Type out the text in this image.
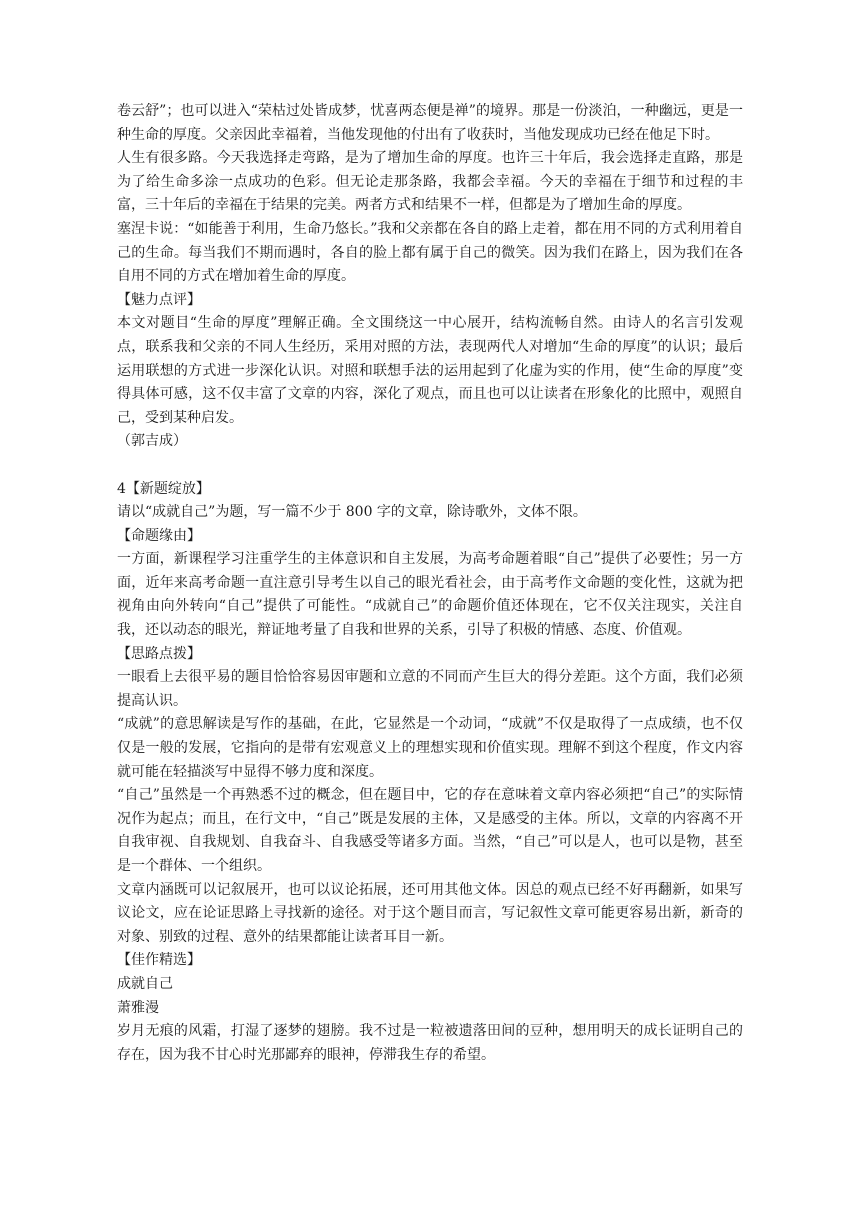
卷云舒”；也可以进入“荣枯过处皆成梦，忧喜两态便是禅”的境界。那是一份淡泊，一种幽远，更是一种生命的厚度。父亲因此幸福着，当他发现他的付出有了收获时，当他发现成功已经在他足下时。

人生有很多路。今天我选择走弯路，是为了增加生命的厚度。也许三十年后，我会选择走直路，那是为了给生命多涂一点成功的色彩。但无论走那条路，我都会幸福。今天的幸福在于细节和过程的丰富，三十年后的幸福在于结果的完美。两者方式和结果不一样，但都是为了增加生命的厚度。

塞涅卡说：“如能善于利用，生命乃悠长。”我和父亲都在各自的路上走着，都在用不同的方式利用着自己的生命。每当我们不期而遇时，各自的脸上都有属于自己的微笑。因为我们在路上，因为我们在各自用不同的方式在增加着生命的厚度。

【魅力点评】

本文对题目“生命的厚度”理解正确。全文围绕这一中心展开，结构流畅自然。由诗人的名言引发观点，联系我和父亲的不同人生经历，采用对照的方法，表现两代人对增加“生命的厚度”的认识；最后运用联想的方式进一步深化认识。对照和联想手法的运用起到了化虚为实的作用，使“生命的厚度”变得具体可感，这不仅丰富了文章的内容，深化了观点，而且也可以让读者在形象化的比照中，观照自己，受到某种启发。

（郭吉成）

4【新题绽放】

请以“成就自己”为题，写一篇不少于 800 字的文章，除诗歌外，文体不限。

【命题缘由】

一方面，新课程学习注重学生的主体意识和自主发展，为高考命题着眼“自己”提供了必要性；另一方面，近年来高考命题一直注意引导考生以自己的眼光看社会，由于高考作文命题的变化性，这就为把视角由向外转向“自己”提供了可能性。“成就自己”的命题价值还体现在，它不仅关注现实，关注自我，还以动态的眼光，辩证地考量了自我和世界的关系，引导了积极的情感、态度、价值观。

【思路点拨】

一眼看上去很平易的题目恰恰容易因审题和立意的不同而产生巨大的得分差距。这个方面，我们必须提高认识。

“成就”的意思解读是写作的基础，在此，它显然是一个动词，“成就”不仅是取得了一点成绩，也不仅仅是一般的发展，它指向的是带有宏观意义上的理想实现和价值实现。理解不到这个程度，作文内容就可能在轻描淡写中显得不够力度和深度。

“自己”虽然是一个再熟悉不过的概念，但在题目中，它的存在意味着文章内容必须把“自己”的实际情况作为起点；而且，在行文中，“自己”既是发展的主体，又是感受的主体。所以，文章的内容离不开自我审视、自我规划、自我奋斗、自我感受等诸多方面。当然，“自己”可以是人，也可以是物，甚至是一个群体、一个组织。

文章内涵既可以记叙展开，也可以议论拓展，还可用其他文体。因总的观点已经不好再翻新，如果写议论文，应在论证思路上寻找新的途径。对于这个题目而言，写记叙性文章可能更容易出新，新奇的对象、别致的过程、意外的结果都能让读者耳目一新。

【佳作精选】

成就自己

萧雅漫

岁月无痕的风霜，打湿了逐梦的翅膀。我不过是一粒被遗落田间的豆种，想用明天的成长证明自己的存在，因为我不甘心时光那鄙弃的眼神，停滞我生存的希望。
